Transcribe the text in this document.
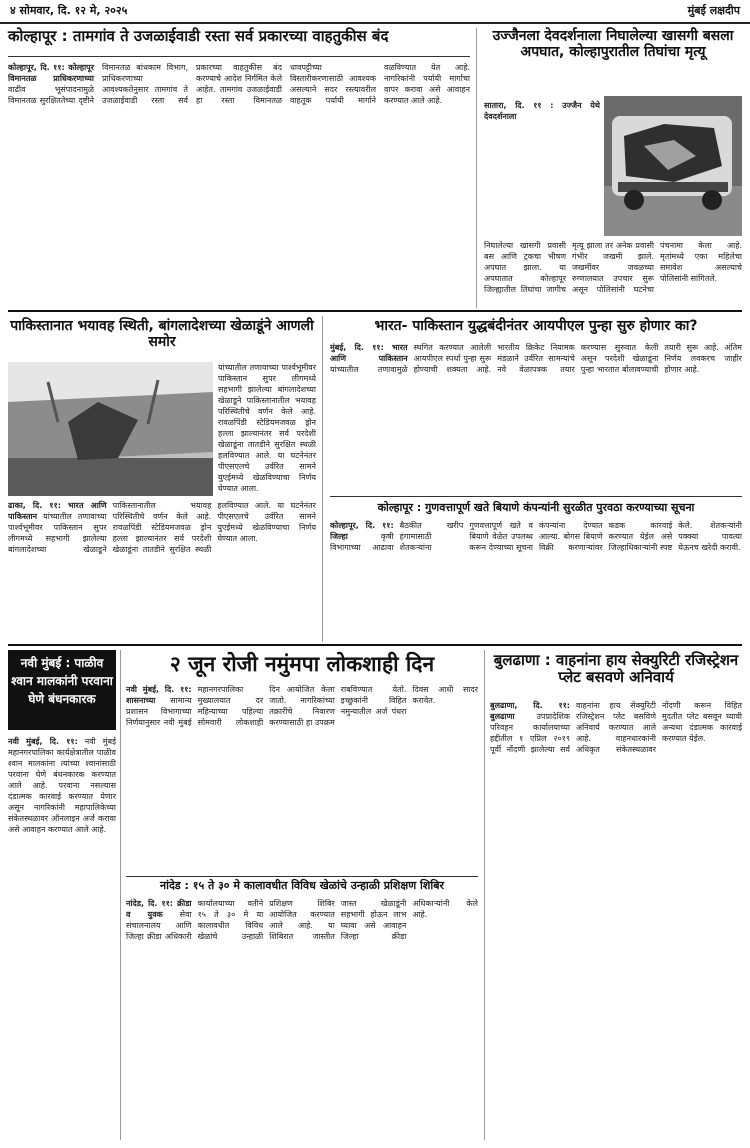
४ सोमवार, दि. १२ मे, २०२५	मुंबई लक्षदीप
कोल्हापूर : तामगांव ते उजळाईवाडी रस्ता सर्व प्रकारच्या वाहतुकीस बंद
कोल्हापूर, दि. ११: कोल्हापूर विमानतळ प्राधिकरणाच्या वाढीव भूसंपादनामुळे विमानतळ सुरक्षिततेच्या दृष्टीने विमानतळ बांधकाम विभाग, प्राधिकरणाच्या आवश्यकतेनुसार तामगांव ते उजळाईवाडी रस्ता सर्व प्रकारच्या वाहतुकीस बंद करण्याचे आदेश निर्गमित केले आहेत. तामगांव उजळाईवाडी हा रस्ता विमानतळ धावपट्टीच्या विस्तारीकरणासाठी आवश्यक असल्याने सदर रस्त्यावरील वाहतूक पर्यायी मार्गाने वळविण्यात येत आहे. नागरिकांनी पर्यायी मार्गाचा वापर करावा असे आवाहन करण्यात आले आहे.
उज्जैनला देवदर्शनाला निघालेल्या खासगी बसला अपघात, कोल्हापुरातील तिघांचा मृत्यू
सातारा, दि. ११ : उज्जैन येथे देवदर्शनाला
निघालेल्या खासगी प्रवासी बस आणि ट्रकचा भीषण अपघात झाला. या अपघातात कोल्हापूर जिल्ह्यातील तिघांचा जागीच मृत्यू झाला तर अनेक प्रवासी गंभीर जखमी झाले. जखमींवर जवळच्या रुग्णालयात उपचार सुरू असून पोलिसांनी घटनेचा पंचनामा केला आहे. मृतांमध्ये एका महिलेचा समावेश असल्याचे पोलिसांनी सांगितले.
पाकिस्तानात भयावह स्थिती, बांगलादेशच्या खेळाडूंने आणली समोर
यांच्यातील तणावाच्या पार्श्वभूमीवर पाकिस्तान सुपर लीगमध्ये सहभागी झालेल्या बांगलादेशच्या खेळाडूने पाकिस्तानातील भयावह परिस्थितीचे वर्णन केले आहे. रावळपिंडी स्टेडियमजवळ ड्रोन हल्ला झाल्यानंतर सर्व परदेशी खेळाडूंना तातडीने सुरक्षित स्थळी हलविण्यात आले. या घटनेनंतर पीएसएलचे उर्वरित सामने युएईमध्ये खेळविण्याचा निर्णय घेण्यात आला.
ढाका, दि. ११: भारत आणि पाकिस्तान यांच्यातील तणावाच्या पार्श्वभूमीवर पाकिस्तान सुपर लीगमध्ये सहभागी झालेल्या बांगलादेशच्या खेळाडूने पाकिस्तानातील भयावह परिस्थितीचे वर्णन केले आहे. रावळपिंडी स्टेडियमजवळ ड्रोन हल्ला झाल्यानंतर सर्व परदेशी खेळाडूंना तातडीने सुरक्षित स्थळी हलविण्यात आले. या घटनेनंतर पीएसएलचे उर्वरित सामने युएईमध्ये खेळविण्याचा निर्णय घेण्यात आला.
भारत- पाकिस्तान युद्धबंदीनंतर आयपीएल पुन्हा सुरु होणार का?
मुंबई, दि. ११: भारत आणि पाकिस्तान यांच्यातील तणावामुळे स्थगित करण्यात आलेली आयपीएल स्पर्धा पुन्हा सुरू होण्याची शक्यता आहे. भारतीय क्रिकेट नियामक मंडळाने उर्वरित सामन्यांचे नवे वेळापत्रक तयार करण्यास सुरुवात केली असून परदेशी खेळाडूंना पुन्हा भारतात बोलावण्याची तयारी सुरू आहे. अंतिम निर्णय लवकरच जाहीर होणार आहे.
कोल्हापूर : गुणवत्तापूर्ण खते बियाणे कंपन्यांनी सुरळीत पुरवठा करण्याच्या सूचना
कोल्हापूर, दि. ११: जिल्हा	कृषी विभागाच्या आढावा बैठकीत खरीप हंगामासाठी शेतकऱ्यांना गुणवत्तापूर्ण खते व बियाणे वेळेत उपलब्ध करून देण्याच्या सूचना कंपन्यांना देण्यात आल्या. बोगस बियाणे विक्री करणाऱ्यांवर कडक कारवाई करण्यात येईल असे जिल्हाधिकाऱ्यांनी स्पष्ट केले. शेतकऱ्यांनी पक्क्या पावत्या घेऊनच खरेदी करावी.
नवी मुंबई : पाळीव श्वान मालकांनी परवाना घेणे बंधनकारक
नवी मुंबई, दि. ११: नवी मुंबई महानगरपालिका कार्यक्षेत्रातील पाळीव श्वान मालकांना त्यांच्या श्वानांसाठी परवाना घेणे बंधनकारक करण्यात आले आहे. परवाना नसल्यास दंडात्मक कारवाई करण्यात येणार असून नागरिकांनी महापालिकेच्या संकेतस्थळावर ऑनलाइन अर्ज करावा असे आवाहन करण्यात आले आहे.
२ जून रोजी नमुंमपा लोकशाही दिन
नवी मुंबई, दि. ११: शासनाच्या सामान्य प्रशासन विभागाच्या निर्णयानुसार नवी मुंबई महानगरपालिका मुख्यालयात दर महिन्याच्या पहिल्या सोमवारी लोकशाही दिन आयोजित केला जातो. नागरिकांच्या तक्रारींचे निवारण करण्यासाठी हा उपक्रम राबविण्यात येतो. इच्छुकांनी विहित नमुन्यातील अर्ज पंधरा दिवस आधी सादर करावेत.
नांदेड : १५ ते ३० मे कालावधीत विविध खेळांचे उन्हाळी प्रशिक्षण शिबिर
नांदेड, दि. ११: क्रीडा व युवक सेवा संचालनालय आणि जिल्हा क्रीडा अधिकारी कार्यालयाच्या वतीने १५ ते ३० मे या कालावधीत विविध खेळांचे उन्हाळी प्रशिक्षण शिबिर आयोजित करण्यात आले आहे. या शिबिरात जास्तीत जास्त खेळाडूंनी सहभागी होऊन लाभ घ्यावा असे आवाहन जिल्हा क्रीडा अधिकाऱ्यांनी केले आहे.
बुलढाणा : वाहनांना हाय सेक्युरिटी रजिस्ट्रेशन प्लेट बसवणे अनिवार्य
बुलढाणा, दि. ११: बुलढाणा	उपप्रादेशिक परिवहन कार्यालयाच्या हद्दीतील १ एप्रिल २०१९ पूर्वी नोंदणी झालेल्या सर्व वाहनांना हाय सेक्युरिटी रजिस्ट्रेशन प्लेट बसविणे अनिवार्य करण्यात आले आहे. वाहनधारकांनी अधिकृत संकेतस्थळावर नोंदणी करून विहित मुदतीत प्लेट बसवून घ्यावी अन्यथा दंडात्मक कारवाई करण्यात येईल.
